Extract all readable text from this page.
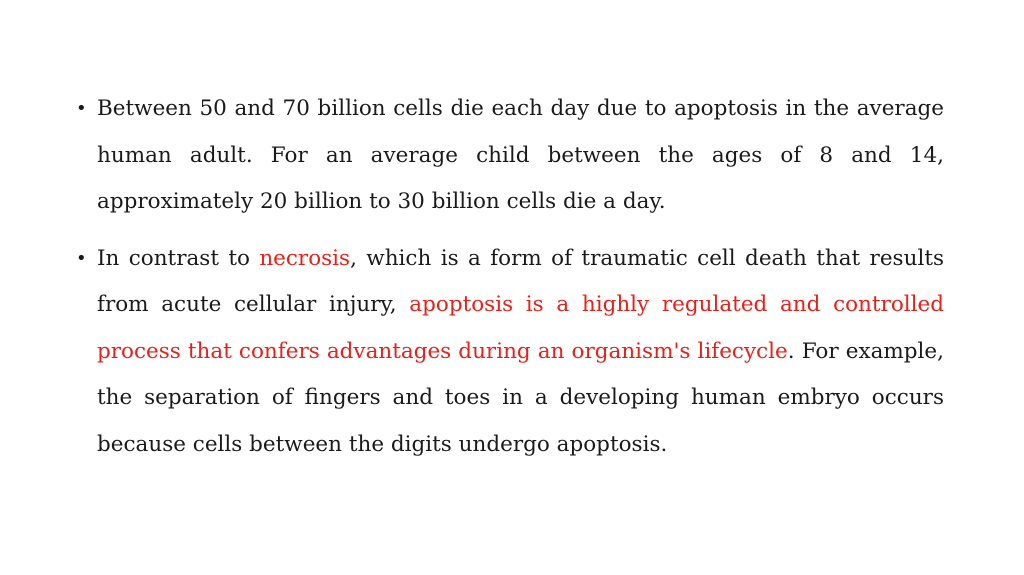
• Between 50 and 70 billion cells die each day due to apoptosis in the average human adult. For an average child between the ages of 8 and 14, approximately 20 billion to 30 billion cells die a day.
• In contrast to necrosis, which is a form of traumatic cell death that results from acute cellular injury, apoptosis is a highly regulated and controlled process that confers advantages during an organism's lifecycle. For example, the separation of fingers and toes in a developing human embryo occurs because cells between the digits undergo apoptosis.
